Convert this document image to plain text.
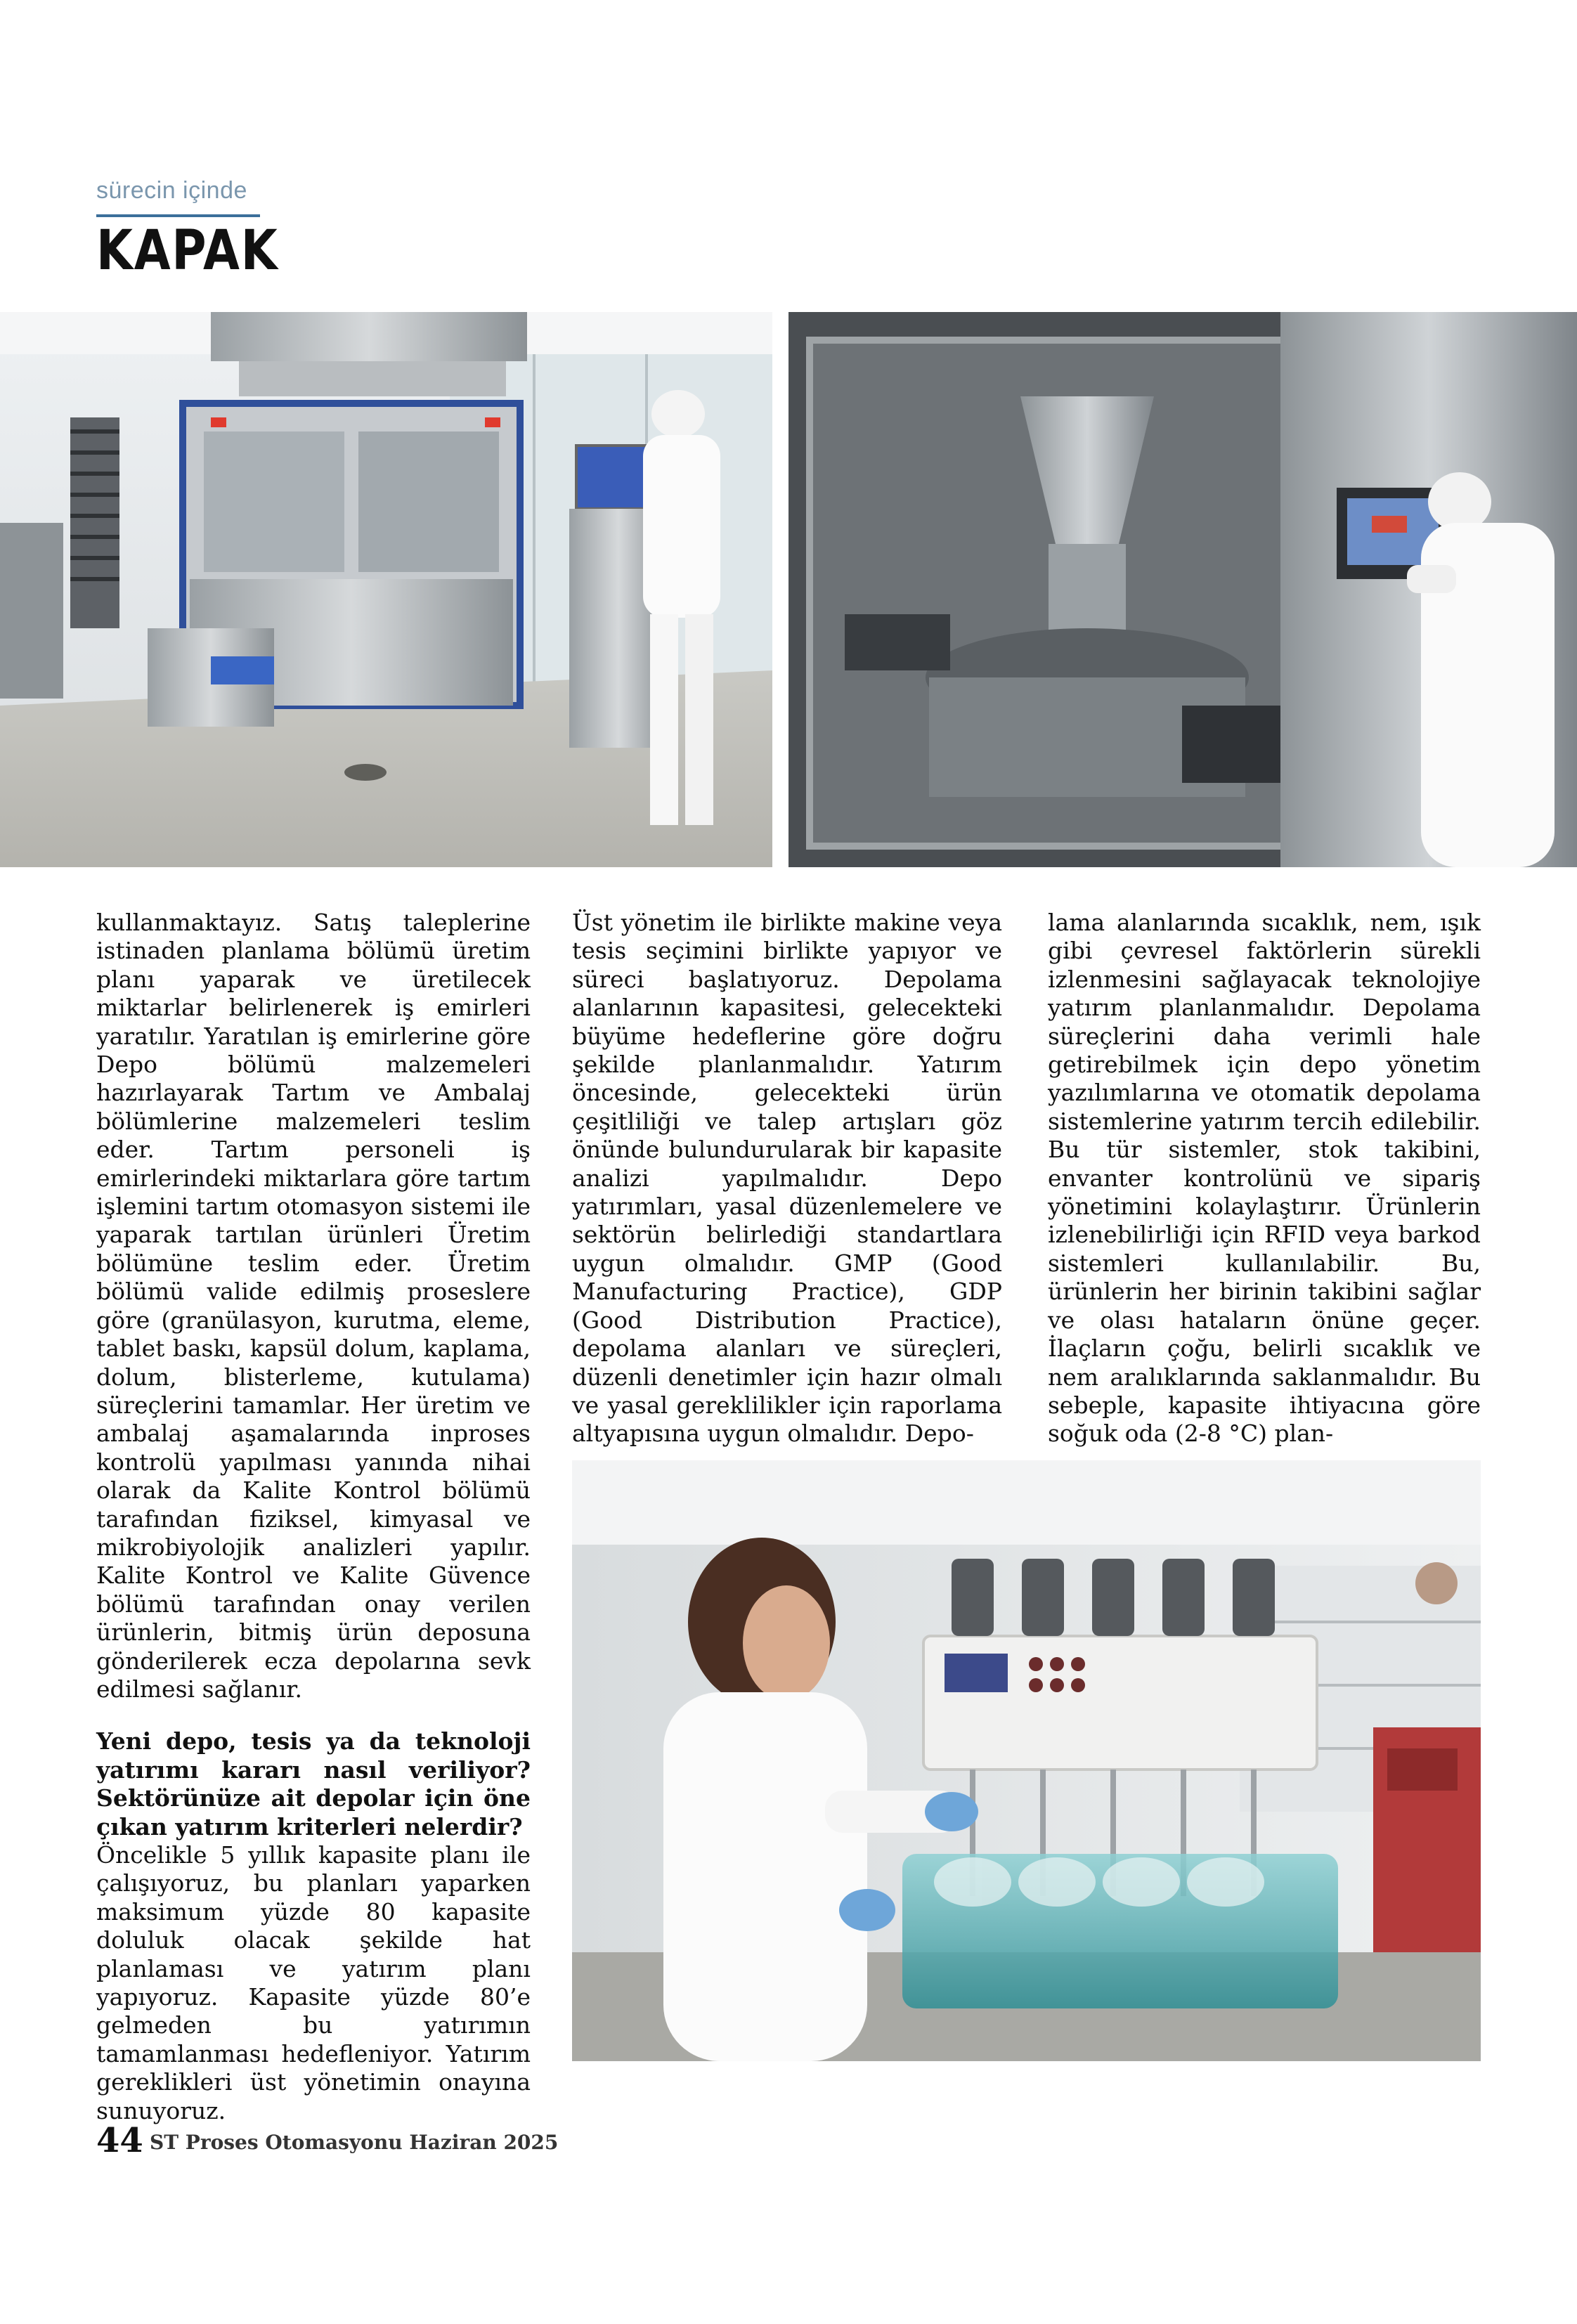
sürecin içinde
KAPAK

kullanmaktayız. Satış taleplerine istinaden planlama bölümü üretim planı yaparak ve üretilecek miktarlar belirlenerek iş emirleri yaratılır. Yaratılan iş emirlerine göre Depo bölümü malzemeleri hazırlayarak Tartım ve Ambalaj bölümlerine malzemeleri teslim eder. Tartım personeli iş emirlerindeki miktarlara göre tartım işlemini tartım otomasyon sistemi ile yaparak tartılan ürünleri Üretim bölümüne teslim eder. Üretim bölümü valide edilmiş proseslere göre (granülasyon, kurutma, eleme, tablet baskı, kapsül dolum, kaplama, dolum, blisterleme, kutulama) süreçlerini tamamlar. Her üretim ve ambalaj aşamalarında inproses kontrolü yapılması yanında nihai olarak da Kalite Kontrol bölümü tarafından fiziksel, kimyasal ve mikrobiyolojik analizleri yapılır. Kalite Kontrol ve Kalite Güvence bölümü tarafından onay verilen ürünlerin, bitmiş ürün deposuna gönderilerek ecza depolarına sevk edilmesi sağlanır.

Yeni depo, tesis ya da teknoloji yatırımı kararı nasıl veriliyor? Sektörünüze ait depolar için öne çıkan yatırım kriterleri nelerdir?

Öncelikle 5 yıllık kapasite planı ile çalışıyoruz, bu planları yaparken maksimum yüzde 80 kapasite doluluk olacak şekilde hat planlaması ve yatırım planı yapıyoruz. Kapasite yüzde 80’e gelmeden bu yatırımın tamamlanması hedefleniyor. Yatırım gereklikleri üst yönetimin onayına sunuyoruz.

Üst yönetim ile birlikte makine veya tesis seçimini birlikte yapıyor ve süreci başlatıyoruz. Depolama alanlarının kapasitesi, gelecekteki büyüme hedeflerine göre doğru şekilde planlanmalıdır. Yatırım öncesinde, gelecekteki ürün çeşitliliği ve talep artışları göz önünde bulundurularak bir kapasite analizi yapılmalıdır. Depo yatırımları, yasal düzenlemelere ve sektörün belirlediği standartlara uygun olmalıdır. GMP (Good Manufacturing Practice), GDP (Good Distribution Practice), depolama alanları ve süreçleri, düzenli denetimler için hazır olmalı ve yasal gereklilikler için raporlama altyapısına uygun olmalıdır. Depo-

lama alanlarında sıcaklık, nem, ışık gibi çevresel faktörlerin sürekli izlenmesini sağlayacak teknolojiye yatırım planlanmalıdır. Depolama süreçlerini daha verimli hale getirebilmek için depo yönetim yazılımlarına ve otomatik depolama sistemlerine yatırım tercih edilebilir. Bu tür sistemler, stok takibini, envanter kontrolünü ve sipariş yönetimini kolaylaştırır. Ürünlerin izlenebilirliği için RFID veya barkod sistemleri kullanılabilir. Bu, ürünlerin her birinin takibini sağlar ve olası hataların önüne geçer. İlaçların çoğu, belirli sıcaklık ve nem aralıklarında saklanmalıdır. Bu sebeple, kapasite ihtiyacına göre soğuk oda (2-8 °C) plan-

44 ST Proses Otomasyonu Haziran 2025
